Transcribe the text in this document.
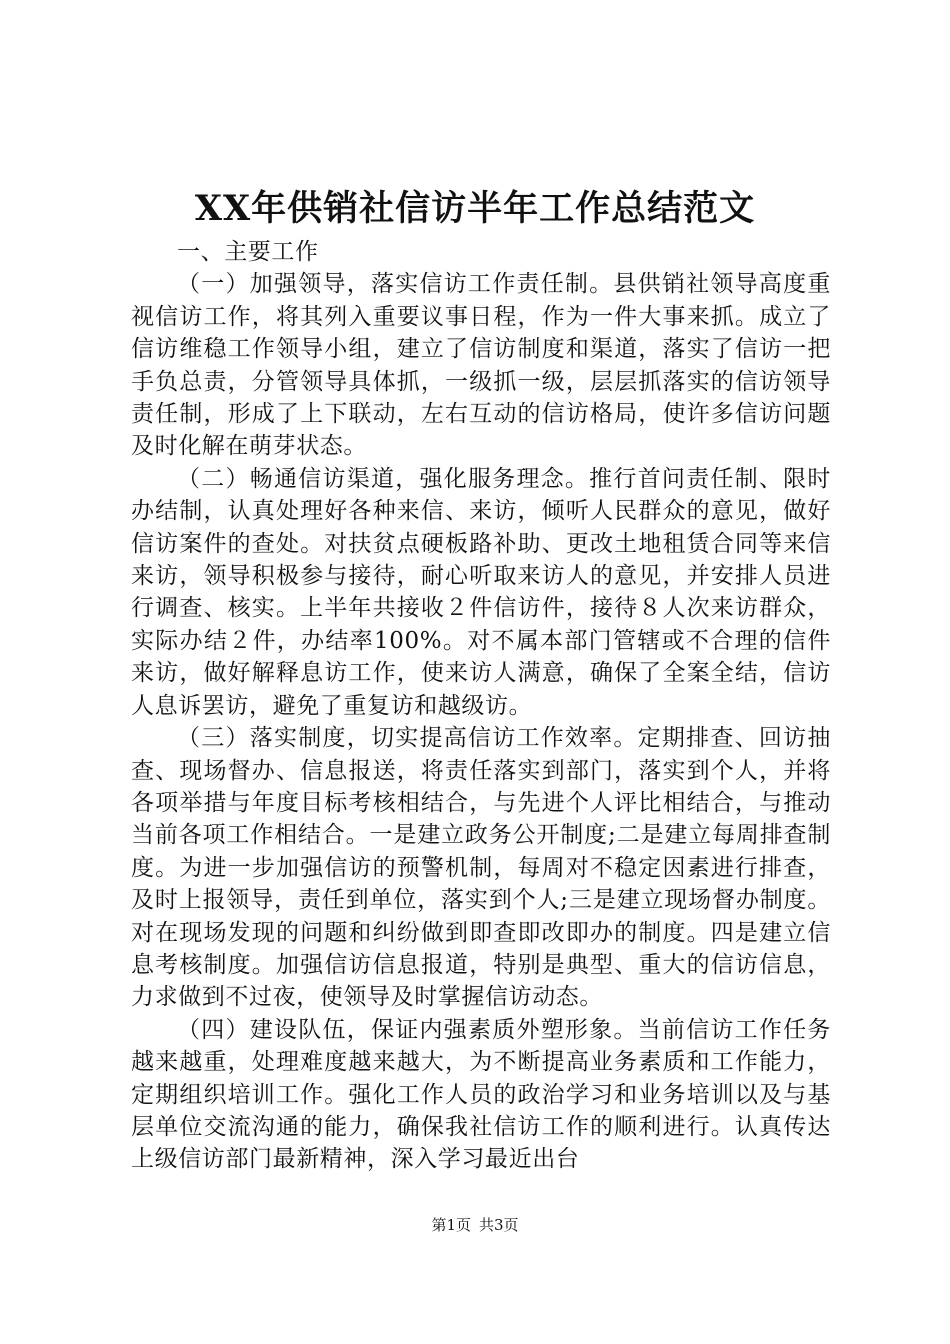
XX年供销社信访半年工作总结范文

一、主要工作

（一）加强领导，落实信访工作责任制。县供销社领导高度重视信访工作，将其列入重要议事日程，作为一件大事来抓。成立了信访维稳工作领导小组，建立了信访制度和渠道，落实了信访一把手负总责，分管领导具体抓，一级抓一级，层层抓落实的信访领导责任制，形成了上下联动，左右互动的信访格局，使许多信访问题及时化解在萌芽状态。

（二）畅通信访渠道，强化服务理念。推行首问责任制、限时办结制，认真处理好各种来信、来访，倾听人民群众的意见，做好信访案件的查处。对扶贫点硬板路补助、更改土地租赁合同等来信来访，领导积极参与接待，耐心听取来访人的意见，并安排人员进行调查、核实。上半年共接收２件信访件，接待８人次来访群众，实际办结２件，办结率100%。对不属本部门管辖或不合理的信件来访，做好解释息访工作，使来访人满意，确保了全案全结，信访人息诉罢访，避免了重复访和越级访。

（三）落实制度，切实提高信访工作效率。定期排查、回访抽查、现场督办、信息报送，将责任落实到部门，落实到个人，并将各项举措与年度目标考核相结合，与先进个人评比相结合，与推动当前各项工作相结合。一是建立政务公开制度;二是建立每周排查制度。为进一步加强信访的预警机制，每周对不稳定因素进行排查，及时上报领导，责任到单位，落实到个人;三是建立现场督办制度。对在现场发现的问题和纠纷做到即查即改即办的制度。四是建立信息考核制度。加强信访信息报道，特别是典型、重大的信访信息，力求做到不过夜，使领导及时掌握信访动态。

（四）建设队伍，保证内强素质外塑形象。当前信访工作任务越来越重，处理难度越来越大，为不断提高业务素质和工作能力，定期组织培训工作。强化工作人员的政治学习和业务培训以及与基层单位交流沟通的能力，确保我社信访工作的顺利进行。认真传达上级信访部门最新精神，深入学习最近出台

第1页 共3页
